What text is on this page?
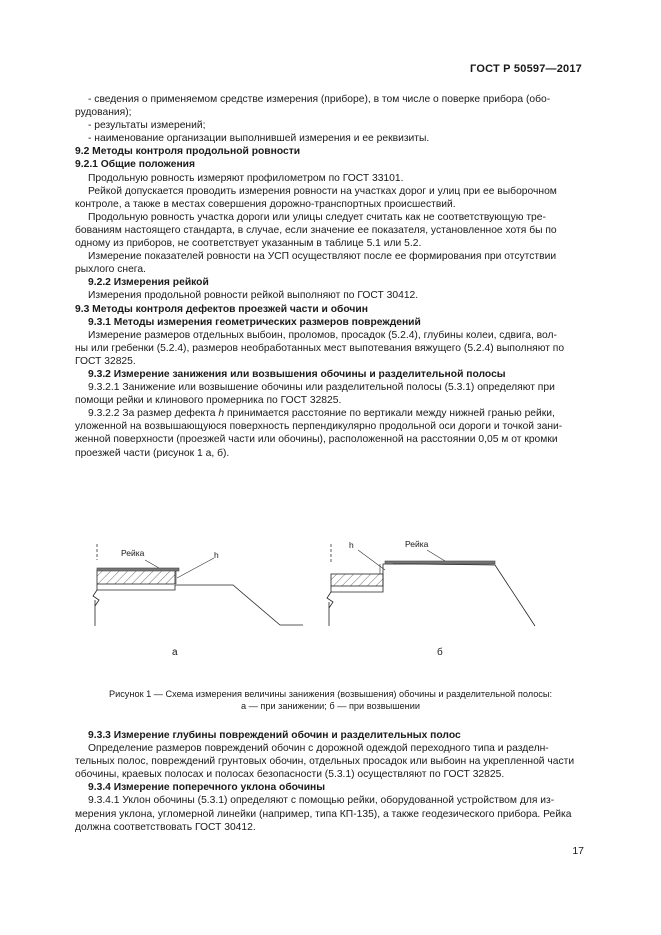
ГОСТ Р 50597—2017

- сведения о применяемом средстве измерения (приборе), в том числе о поверке прибора (обо-

рудования);

- результаты измерений;

- наименование организации выполнившей измерения и ее реквизиты.

9.2 Методы контроля продольной ровности

9.2.1 Общие положения

Продольную ровность измеряют профилометром по ГОСТ 33101.

Рейкой допускается проводить измерения ровности на участках дорог и улиц при ее выборочном

контроле, а также в местах совершения дорожно-транспортных происшествий.

Продольную ровность участка дороги или улицы следует считать как не соответствующую тре-

бованиям настоящего стандарта, в случае, если значение ее показателя, установленное хотя бы по

одному из приборов, не соответствует указанным в таблице 5.1 или 5.2.

Измерение показателей ровности на УСП осуществляют после ее формирования при отсутствии

рыхлого снега.

9.2.2 Измерения рейкой

Измерения продольной ровности рейкой выполняют по ГОСТ 30412.

9.3 Методы контроля дефектов проезжей части и обочин

9.3.1 Методы измерения геометрических размеров повреждений

Измерение размеров отдельных выбоин, проломов, просадок (5.2.4), глубины колеи, сдвига, вол-

ны или гребенки (5.2.4), размеров необработанных мест выпотевания вяжущего (5.2.4) выполняют по

ГОСТ 32825.

9.3.2 Измерение занижения или возвышения обочины и разделительной полосы

9.3.2.1 Занижение или возвышение обочины или разделительной полосы (5.3.1) определяют при

помощи рейки и клинового промерника по ГОСТ 32825.

9.3.2.2 За размер дефекта h принимается расстояние по вертикали между нижней гранью рейки,

уложенной на возвышающуюся поверхность перпендикулярно продольной оси дороги и точкой зани-

женной поверхности (проезжей части или обочины), расположенной на расстоянии 0,05 м от кромки

проезжей части (рисунок 1 а, б).

Рейка	h
а
h	Рейка
б
Рисунок 1 — Схема измерения величины занижения (возвышения) обочины и разделительной полосы:
а — при занижении; б — при возвышении

9.3.3 Измерение глубины повреждений обочин и разделительных полос

Определение размеров повреждений обочин с дорожной одеждой переходного типа и разделн-

тельных полос, повреждений грунтовых обочин, отдельных просадок или выбоин на укрепленной части

обочины, краевых полосах и полосах безопасности (5.3.1) осуществляют по ГОСТ 32825.

9.3.4 Измерение поперечного уклона обочины

9.3.4.1 Уклон обочины (5.3.1) определяют с помощью рейки, оборудованной устройством для из-

мерения уклона, угломерной линейки (например, типа КП-135), а также геодезического прибора. Рейка

должна соответствовать ГОСТ 30412.

17
